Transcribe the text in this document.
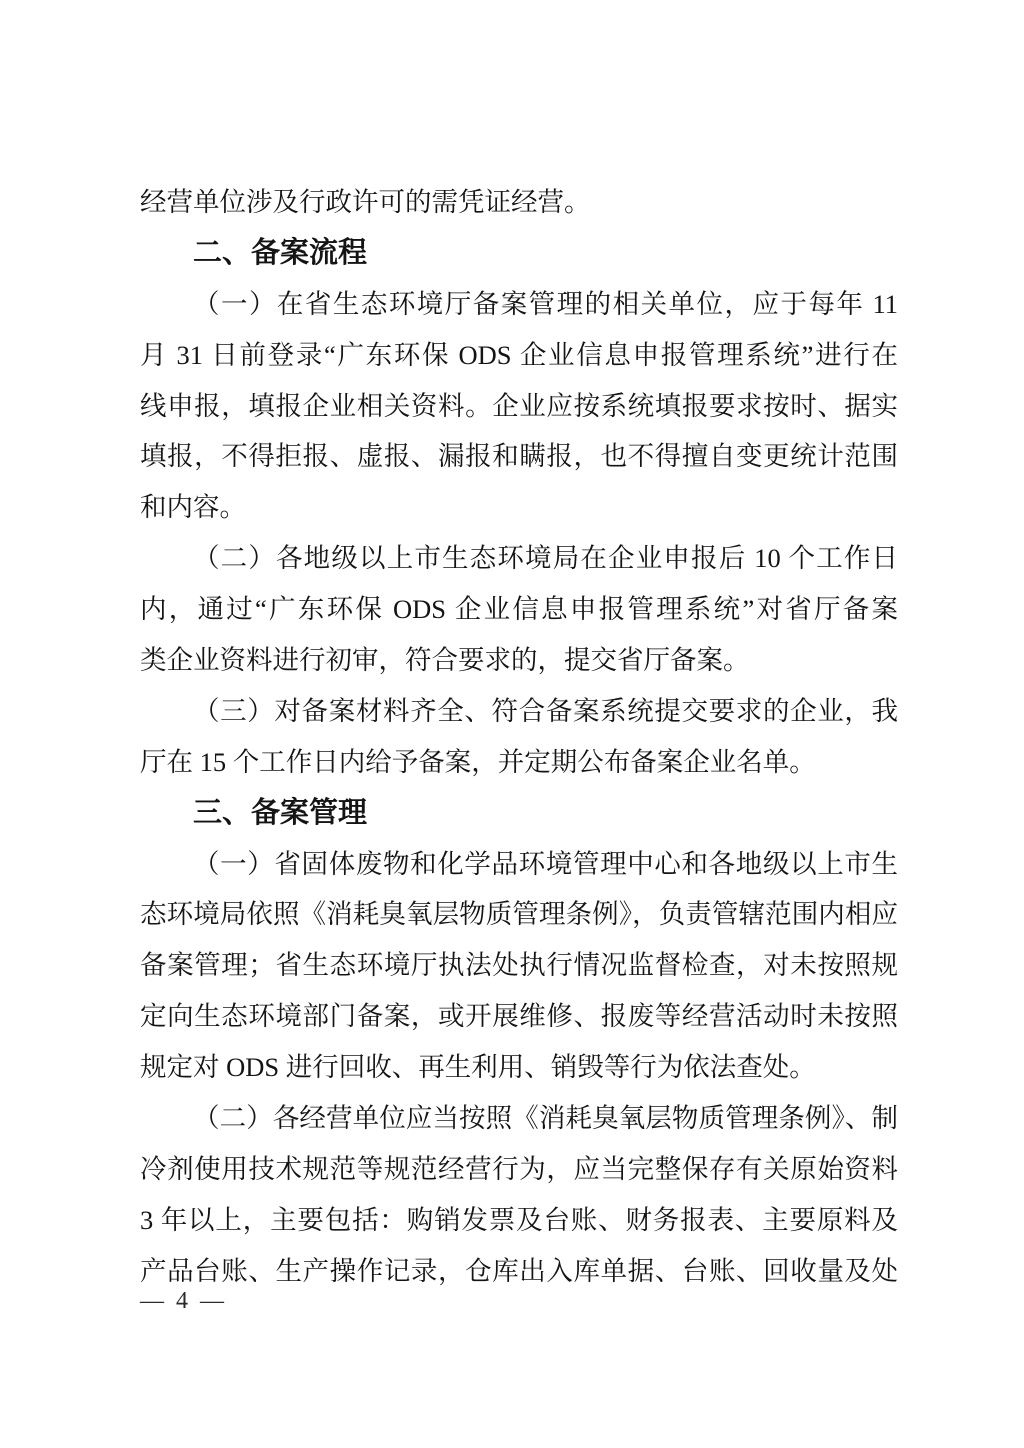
经营单位涉及行政许可的需凭证经营。
二、备案流程
（一）在省生态环境厅备案管理的相关单位，应于每年 11
月 31 日前登录“广东环保 ODS 企业信息申报管理系统”进行在
线申报，填报企业相关资料。企业应按系统填报要求按时、据实
填报，不得拒报、虚报、漏报和瞒报，也不得擅自变更统计范围
和内容。
（二）各地级以上市生态环境局在企业申报后 10 个工作日
内，通过“广东环保 ODS 企业信息申报管理系统”对省厅备案
类企业资料进行初审，符合要求的，提交省厅备案。
（三）对备案材料齐全、符合备案系统提交要求的企业，我
厅在 15 个工作日内给予备案，并定期公布备案企业名单。
三、备案管理
（一）省固体废物和化学品环境管理中心和各地级以上市生
态环境局依照《消耗臭氧层物质管理条例》，负责管辖范围内相应
备案管理；省生态环境厅执法处执行情况监督检查，对未按照规
定向生态环境部门备案，或开展维修、报废等经营活动时未按照
规定对 ODS 进行回收、再生利用、销毁等行为依法查处。
（二）各经营单位应当按照《消耗臭氧层物质管理条例》、制
冷剂使用技术规范等规范经营行为，应当完整保存有关原始资料
3 年以上，主要包括：购销发票及台账、财务报表、主要原料及
产品台账、生产操作记录，仓库出入库单据、台账、回收量及处
— 4 —
